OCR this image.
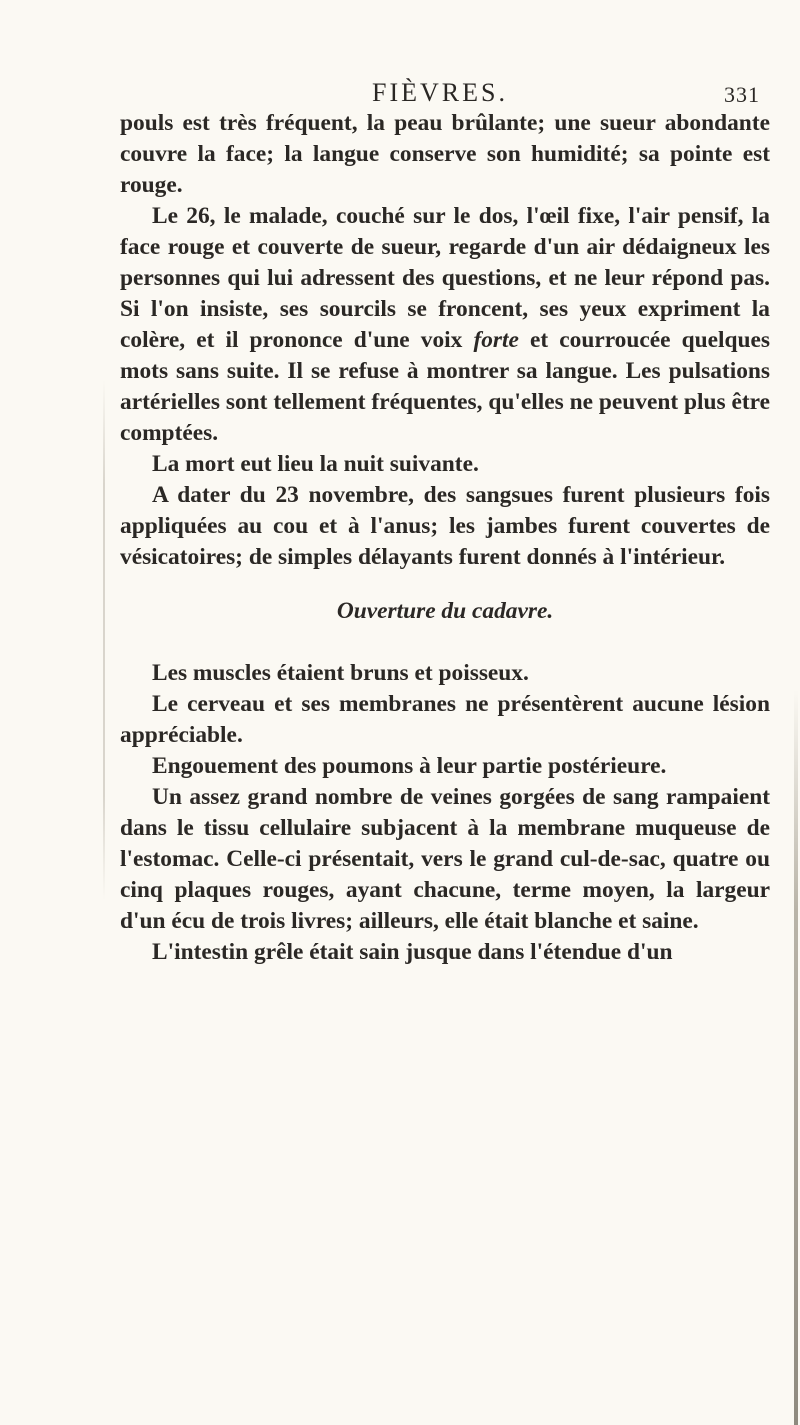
FIÈVRES.	331

pouls est très fréquent, la peau brûlante; une sueur abondante couvre la face; la langue conserve son humidité; sa pointe est rouge.

Le 26, le malade, couché sur le dos, l'œil fixe, l'air pensif, la face rouge et couverte de sueur, regarde d'un air dédaigneux les personnes qui lui adressent des questions, et ne leur répond pas. Si l'on insiste, ses sourcils se froncent, ses yeux expriment la colère, et il prononce d'une voix forte et courroucée quelques mots sans suite. Il se refuse à montrer sa langue. Les pulsations artérielles sont tellement fréquentes, qu'elles ne peuvent plus être comptées.

La mort eut lieu la nuit suivante.

A dater du 23 novembre, des sangsues furent plusieurs fois appliquées au cou et à l'anus; les jambes furent couvertes de vésicatoires; de simples délayants furent donnés à l'intérieur.

Ouverture du cadavre.

Les muscles étaient bruns et poisseux.

Le cerveau et ses membranes ne présentèrent aucune lésion appréciable.

Engouement des poumons à leur partie postérieure.

Un assez grand nombre de veines gorgées de sang rampaient dans le tissu cellulaire subjacent à la membrane muqueuse de l'estomac. Celle-ci présentait, vers le grand cul-de-sac, quatre ou cinq plaques rouges, ayant chacune, terme moyen, la largeur d'un écu de trois livres; ailleurs, elle était blanche et saine.

L'intestin grêle était sain jusque dans l'étendue d'un
